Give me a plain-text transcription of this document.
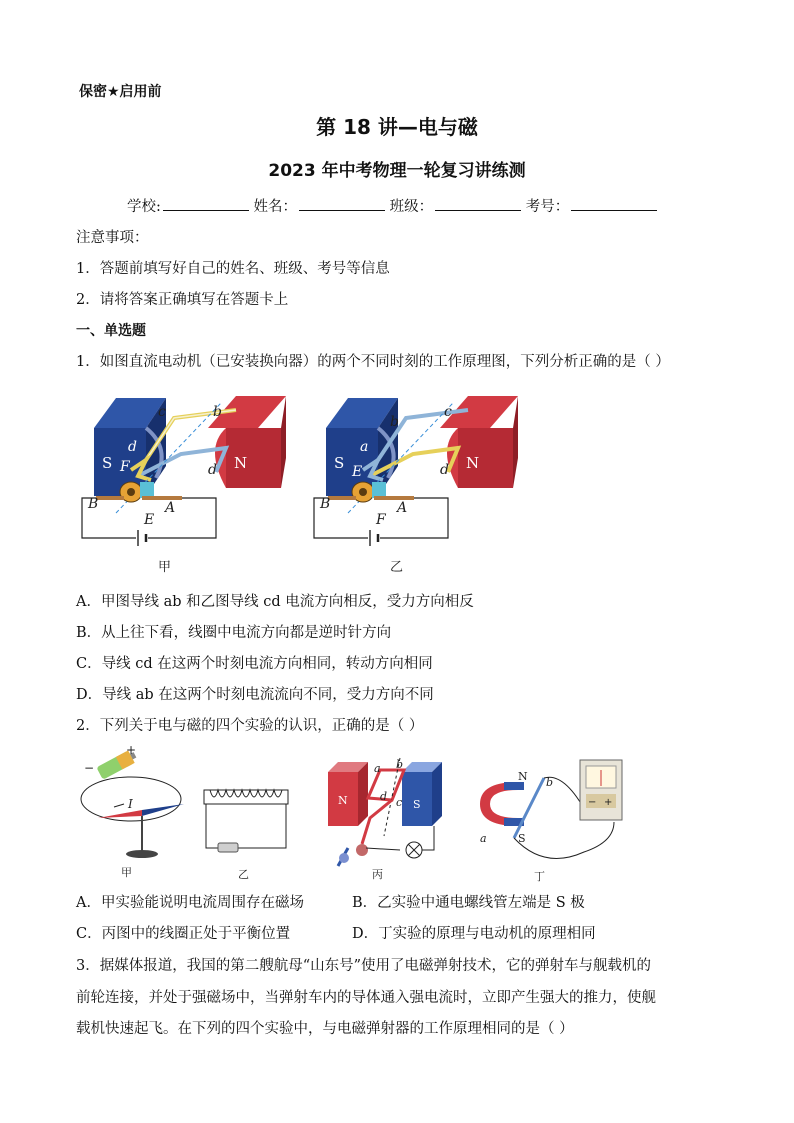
保密★启用前
第 18 讲—电与磁
2023 年中考物理一轮复习讲练测
学校:	姓名：	班级：	考号：
注意事项：
1．答题前填写好自己的姓名、班级、考号等信息
2．请将答案正确填写在答题卡上
一、单选题
1．如图直流电动机（已安装换向器）的两个不同时刻的工作原理图，下列分析正确的是（ ）
S	N
c	b
d
d
F
B	A
E
甲
S	N
b
c
a
d
E
B	A
F
乙
A．甲图导线 ab 和乙图导线 cd 电流方向相反，受力方向相反
B．从上往下看，线圈中电流方向都是逆时针方向
C．导线 cd 在这两个时刻电流方向相同，转动方向相同
D．导线 ab 在这两个时刻电流流向不同，受力方向不同
2．下列关于电与磁的四个实验的认识，正确的是（ ）
+
−
I
甲	乙
N	S
a b
c
d
丙
N
S
b
a
− +
丁
A．甲实验能说明电流周围存在磁场	B．乙实验中通电螺线管左端是 S 极
C．丙图中的线圈正处于平衡位置	D．丁实验的原理与电动机的原理相同
3．据媒体报道，我国的第二艘航母“山东号”使用了电磁弹射技术，它的弹射车与舰载机的
前轮连接，并处于强磁场中，当弹射车内的导体通入强电流时，立即产生强大的推力，使舰
载机快速起飞。在下列的四个实验中，与电磁弹射器的工作原理相同的是（ ）
